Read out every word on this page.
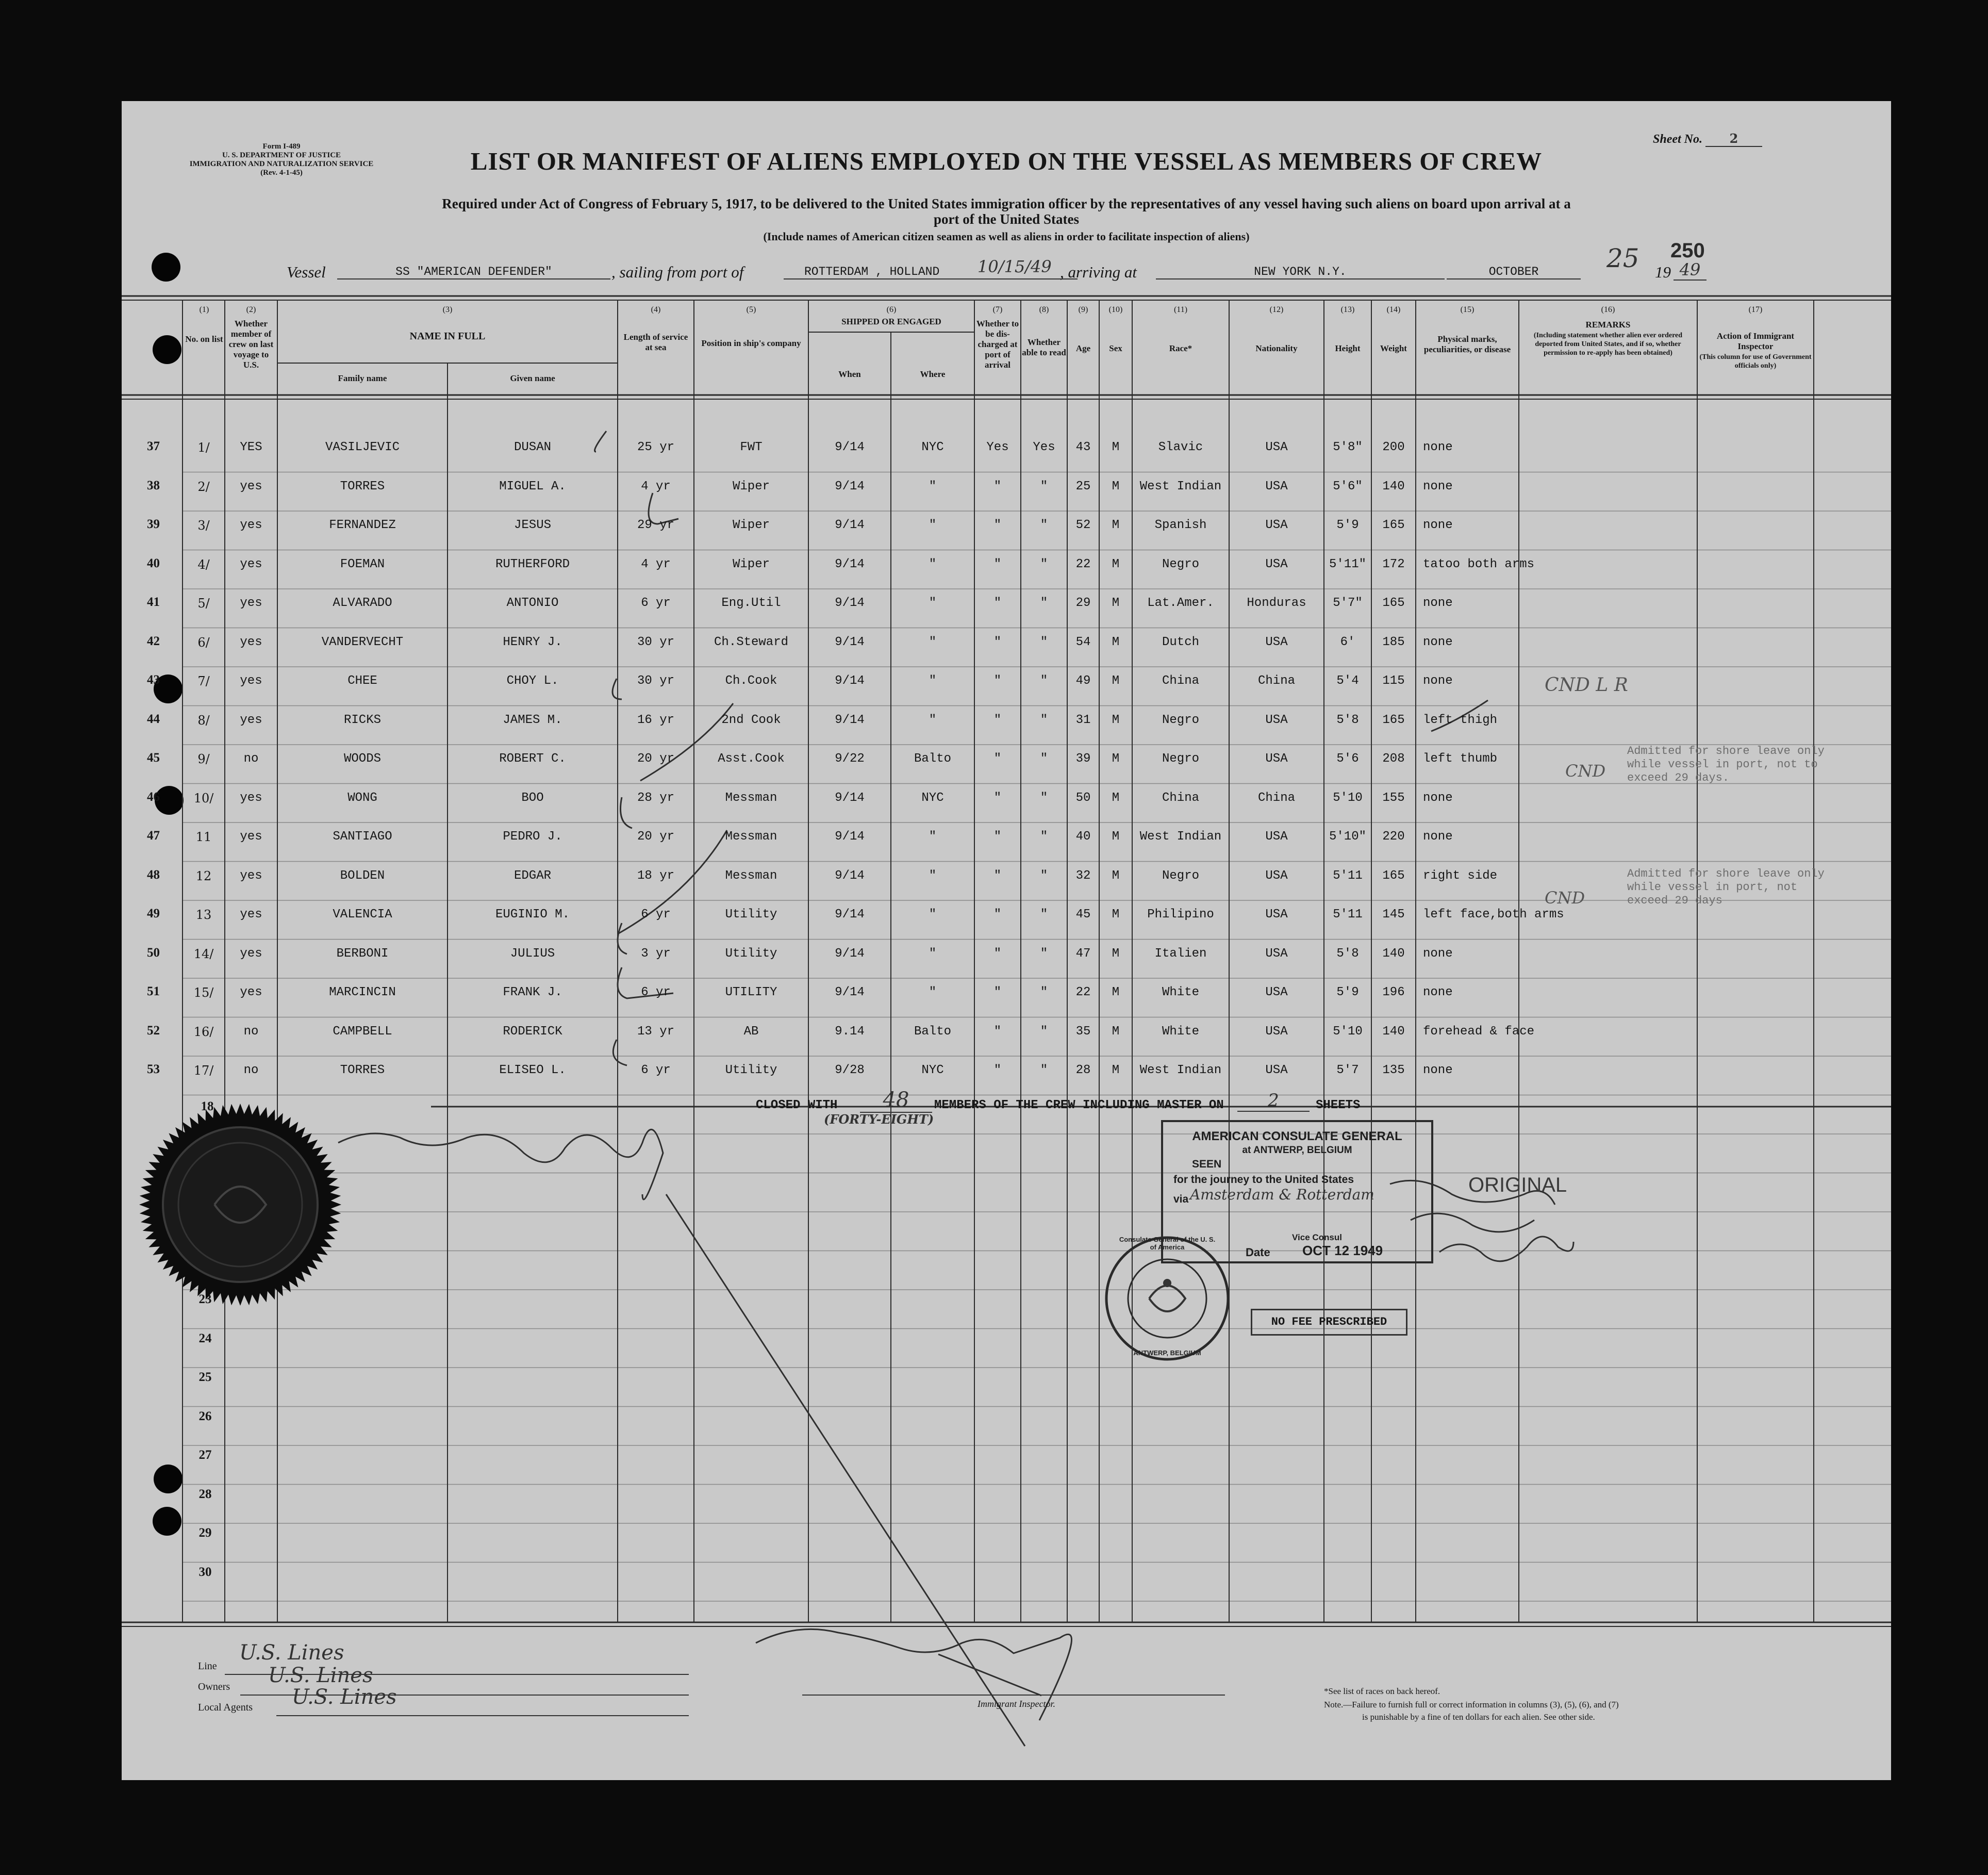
Form I-489
U. S. DEPARTMENT OF JUSTICE
IMMIGRATION AND NATURALIZATION SERVICE
(Rev. 4-1-45)
Sheet No. 2
LIST OR MANIFEST OF ALIENS EMPLOYED ON THE VESSEL AS MEMBERS OF CREW
Required under Act of Congress of February 5, 1917, to be delivered to the United States immigration officer by the representatives of any vessel having such aliens on board upon arrival at a
port of the United States
(Include names of American citizen seamen as well as aliens in order to facilitate inspection of aliens)
250
Vessel	SS "AMERICAN DEFENDER"	, sailing from port of	ROTTERDAM , HOLLAND	10/15/49 , arriving at	NEW YORK N.Y.	OCTOBER	25 19 49
(1)
No. on list
(2)
Whether member of crew on last voyage to U.S.
(3)
NAME IN FULL
Family name	Given name
(4)
Length of service at sea
(5)
Position in ship's company
(6)
SHIPPED OR ENGAGED
When	Where
(7)
Whether to be dis-charged at port of arrival
(8)
Whether able to read
(9)
Age
(10)
Sex
(11)
Race*
(12)
Nationality
(13)
Height
(14)
Weight
(15)
Physical marks, peculiarities, or disease
(16)
REMARKS
(Including statement whether alien ever ordered deported from United States, and if so, whether permission to re-apply has been obtained)
(17)
Action of Immigrant Inspector
(This column for use of Government officials only)
37	1/	YES	VASILJEVIC	DUSAN	25 yr	FWT	9/14	NYC	Yes	Yes	43	M	Slavic	USA	5'8"	200	none
38	2/	yes	TORRES	MIGUEL A.	4 yr	Wiper	9/14	"	"	"	25	M	West Indian	USA	5'6"	140	none
39	3/	yes	FERNANDEZ	JESUS	29 yr	Wiper	9/14	"	"	"	52	M	Spanish	USA	5'9	165	none
40	4/	yes	FOEMAN	RUTHERFORD	4 yr	Wiper	9/14	"	"	"	22	M	Negro	USA	5'11"	172	tatoo both arms
41	5/	yes	ALVARADO	ANTONIO	6 yr	Eng.Util	9/14	"	"	"	29	M	Lat.Amer.	Honduras	5'7"	165	none
42	6/	yes	VANDERVECHT	HENRY J.	30 yr	Ch.Steward	9/14	"	"	"	54	M	Dutch	USA	6'	185	none
43	7/	yes	CHEE	CHOY L.	30 yr	Ch.Cook	9/14	"	"	"	49	M	China	China	5'4	115	none
44	8/	yes	RICKS	JAMES M.	16 yr	2nd Cook	9/14	"	"	"	31	M	Negro	USA	5'8	165	left thigh
45	9/	no	WOODS	ROBERT C.	20 yr	Asst.Cook	9/22	Balto	"	"	39	M	Negro	USA	5'6	208	left thumb
46	10/	yes	WONG	BOO	28 yr	Messman	9/14	NYC	"	"	50	M	China	China	5'10	155	none
47	11	yes	SANTIAGO	PEDRO J.	20 yr	Messman	9/14	"	"	"	40	M	West Indian	USA	5'10"	220	none
48	12	yes	BOLDEN	EDGAR	18 yr	Messman	9/14	"	"	"	32	M	Negro	USA	5'11	165	right side
49	13	yes	VALENCIA	EUGINIO M.	6 yr	Utility	9/14	"	"	"	45	M	Philipino	USA	5'11	145	left face,both arms
50	14/	yes	BERBONI	JULIUS	3 yr	Utility	9/14	"	"	"	47	M	Italien	USA	5'8	140	none
51	15/	yes	MARCINCIN	FRANK J.	6 yr	UTILITY	9/14	"	"	"	22	M	White	USA	5'9	196	none
52	16/	no	CAMPBELL	RODERICK	13 yr	AB	9.14	Balto	"	"	35	M	White	USA	5'10	140	forehead & face
53	17/	no	TORRES	ELISEO L.	6 yr	Utility	9/28	NYC	"	"	28	M	West Indian	USA	5'7	135	none
CND L R
CND
Admitted for shore leave only
while vessel in port, not to
exceed 29 days.
CND
Admitted for shore leave only
while vessel in port, not
exceed 29 days
18	CLOSED WITH	48
(FORTY-EIGHT)
MEMBERS OF THE CREW INCLUDING MASTER ON	2	SHEETS
23
24
25
26
27
28
29
30
AMERICAN CONSULATE GENERAL
at ANTWERP, BELGIUM
SEEN
for the journey to the United States
via Amsterdam & Rotterdam
Vice Consul
Date OCT 12 1949
ORIGINAL
Consulate General of the U. S. of America
ANTWERP, BELGIUM
NO FEE PRESCRIBED
Line
U.S. Lines
Owners U.S. Lines
Local Agents U.S. Lines	Immigrant Inspector.
*See list of races on back hereof.
Note.—Failure to furnish full or correct information in columns (3), (5), (6), and (7)
is punishable by a fine of ten dollars for each alien. See other side.
